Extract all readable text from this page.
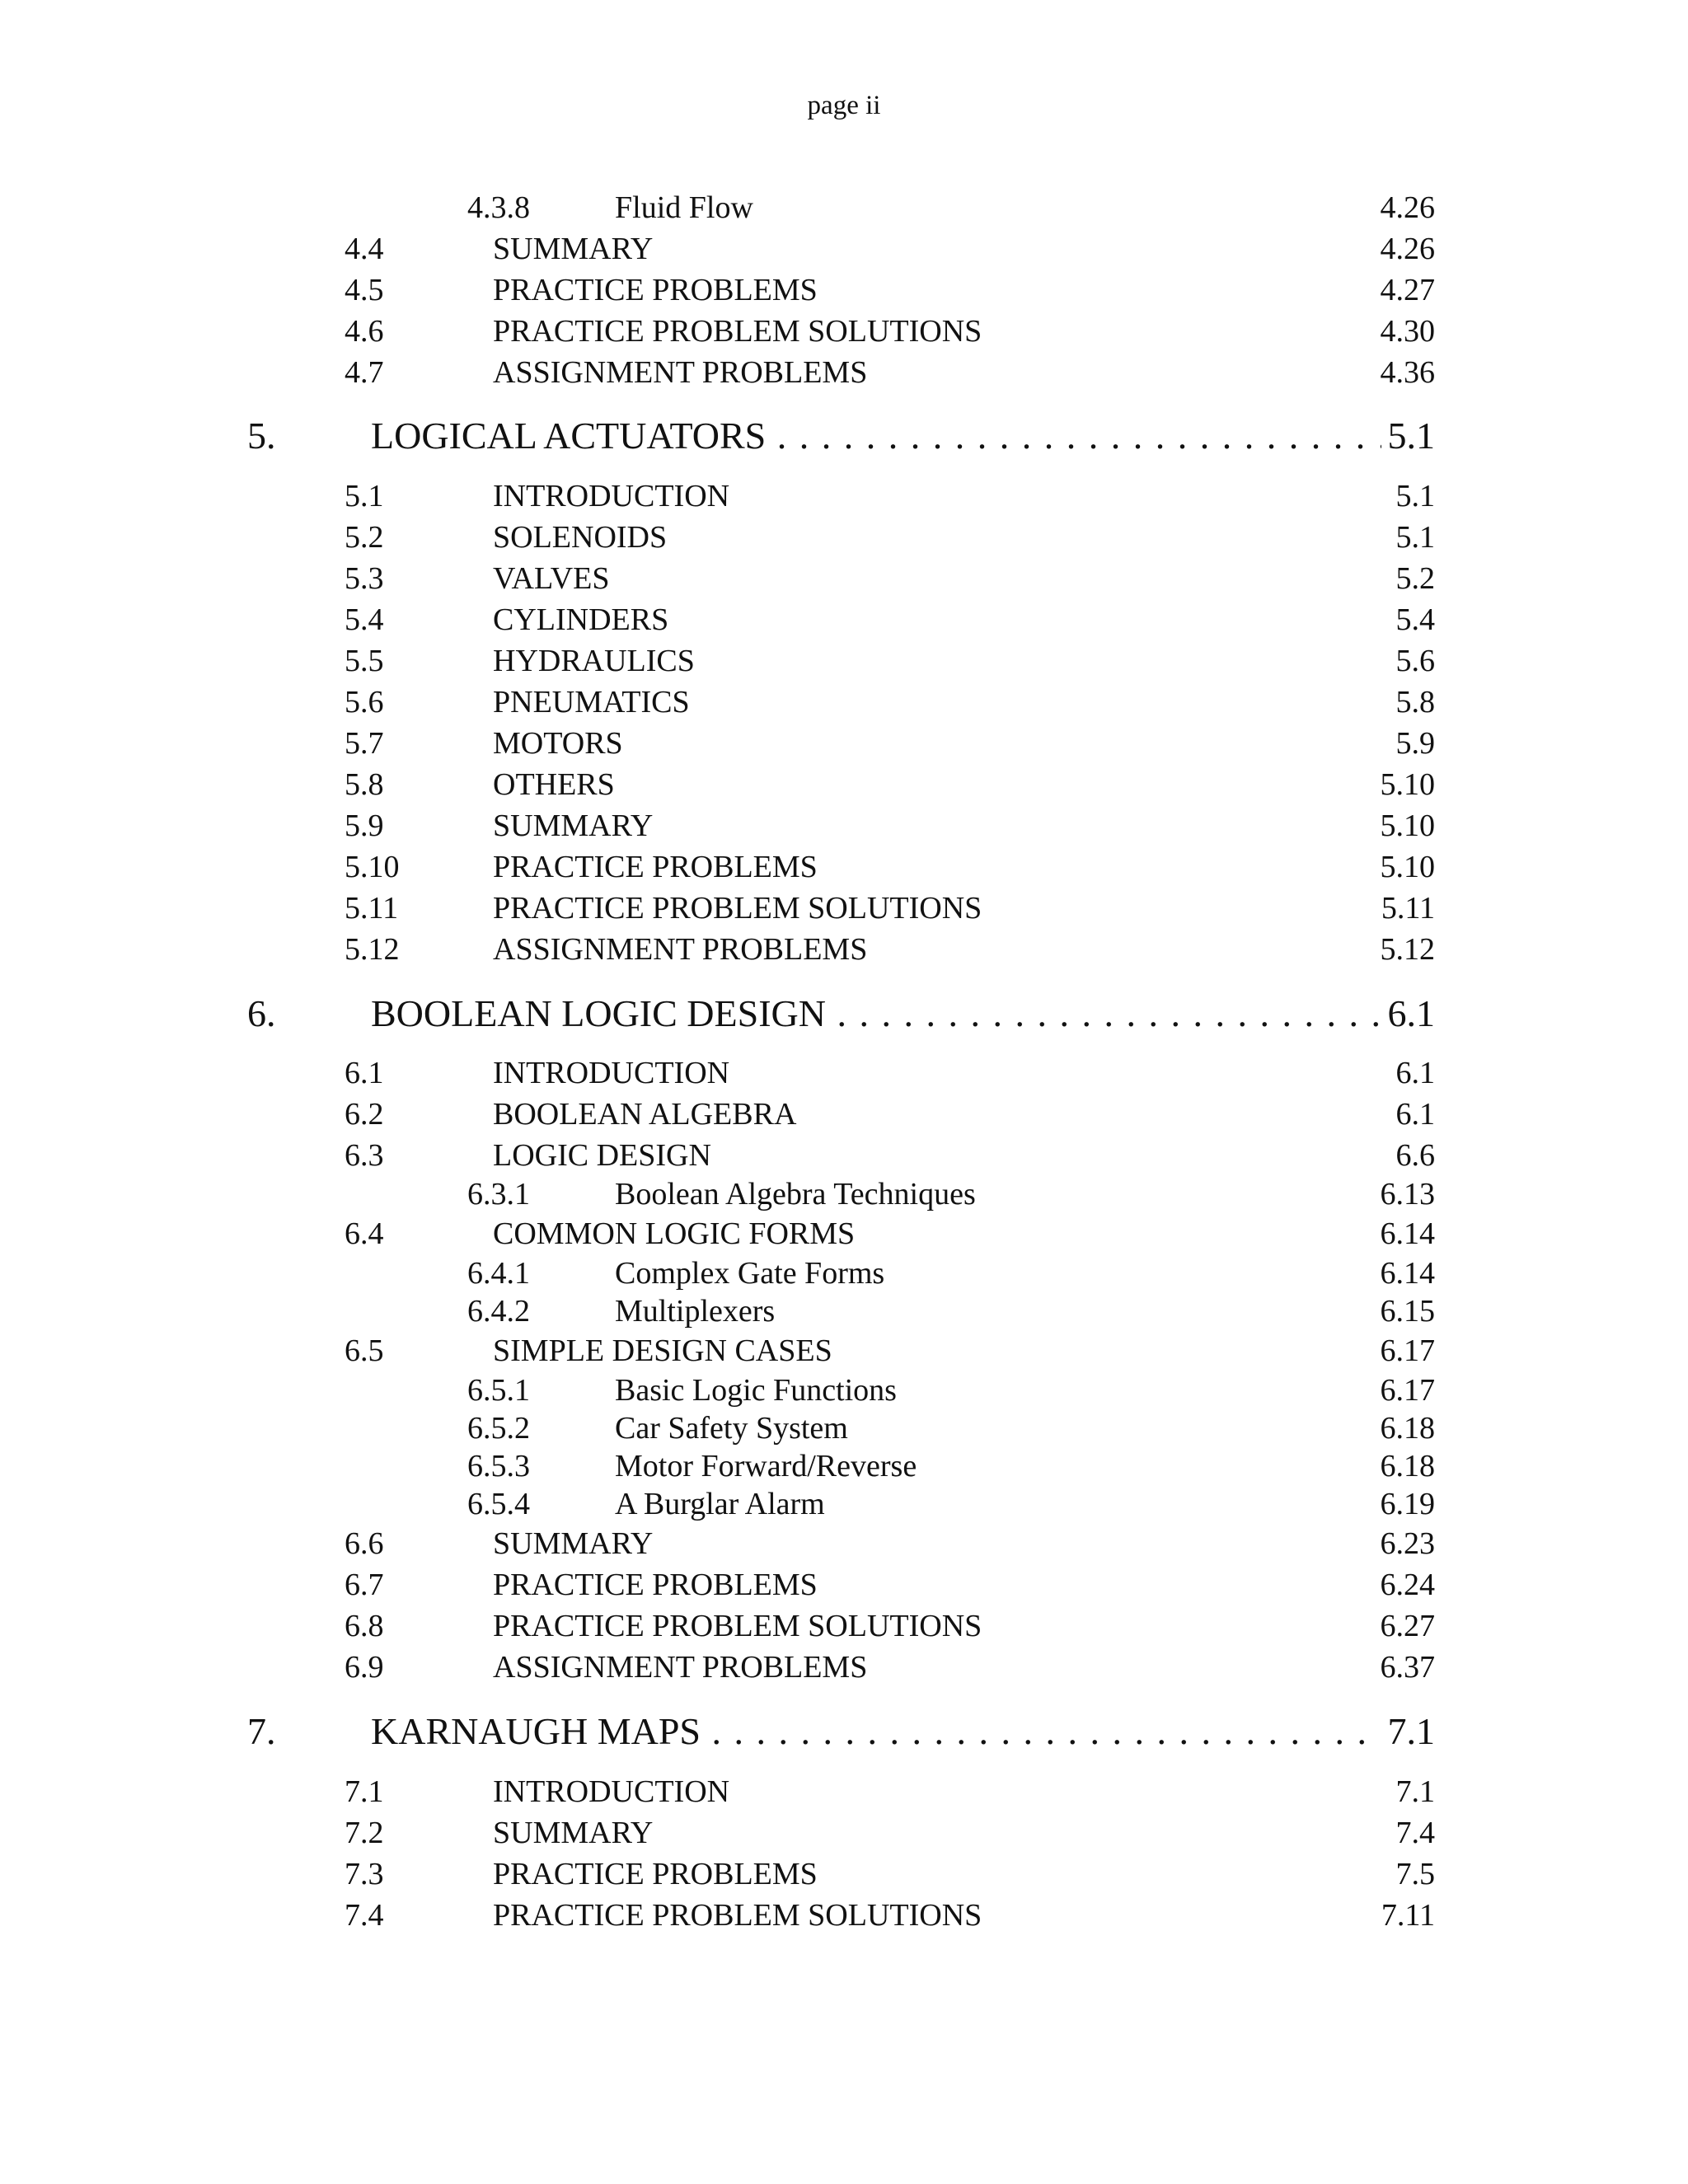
page ii
4.3.8	Fluid Flow	4.26
4.4	SUMMARY	4.26
4.5	PRACTICE PROBLEMS	4.27
4.6	PRACTICE PROBLEM SOLUTIONS	4.30
4.7	ASSIGNMENT PROBLEMS	4.36
5.	LOGICAL ACTUATORS . . .	5.1
5.1	INTRODUCTION	5.1
5.2	SOLENOIDS	5.1
5.3	VALVES	5.2
5.4	CYLINDERS	5.4
5.5	HYDRAULICS	5.6
5.6	PNEUMATICS	5.8
5.7	MOTORS	5.9
5.8	OTHERS	5.10
5.9	SUMMARY	5.10
5.10	PRACTICE PROBLEMS	5.10
5.11	PRACTICE PROBLEM SOLUTIONS	5.11
5.12	ASSIGNMENT PROBLEMS	5.12
6.	BOOLEAN LOGIC DESIGN . . .	6.1
6.1	INTRODUCTION	6.1
6.2	BOOLEAN ALGEBRA	6.1
6.3	LOGIC DESIGN	6.6
6.3.1	Boolean Algebra Techniques	6.13
6.4	COMMON LOGIC FORMS	6.14
6.4.1	Complex Gate Forms	6.14
6.4.2	Multiplexers	6.15
6.5	SIMPLE DESIGN CASES	6.17
6.5.1	Basic Logic Functions	6.17
6.5.2	Car Safety System	6.18
6.5.3	Motor Forward/Reverse	6.18
6.5.4	A Burglar Alarm	6.19
6.6	SUMMARY	6.23
6.7	PRACTICE PROBLEMS	6.24
6.8	PRACTICE PROBLEM SOLUTIONS	6.27
6.9	ASSIGNMENT PROBLEMS	6.37
7.	KARNAUGH MAPS . . .	7.1
7.1	INTRODUCTION	7.1
7.2	SUMMARY	7.4
7.3	PRACTICE PROBLEMS	7.5
7.4	PRACTICE PROBLEM SOLUTIONS	7.11
